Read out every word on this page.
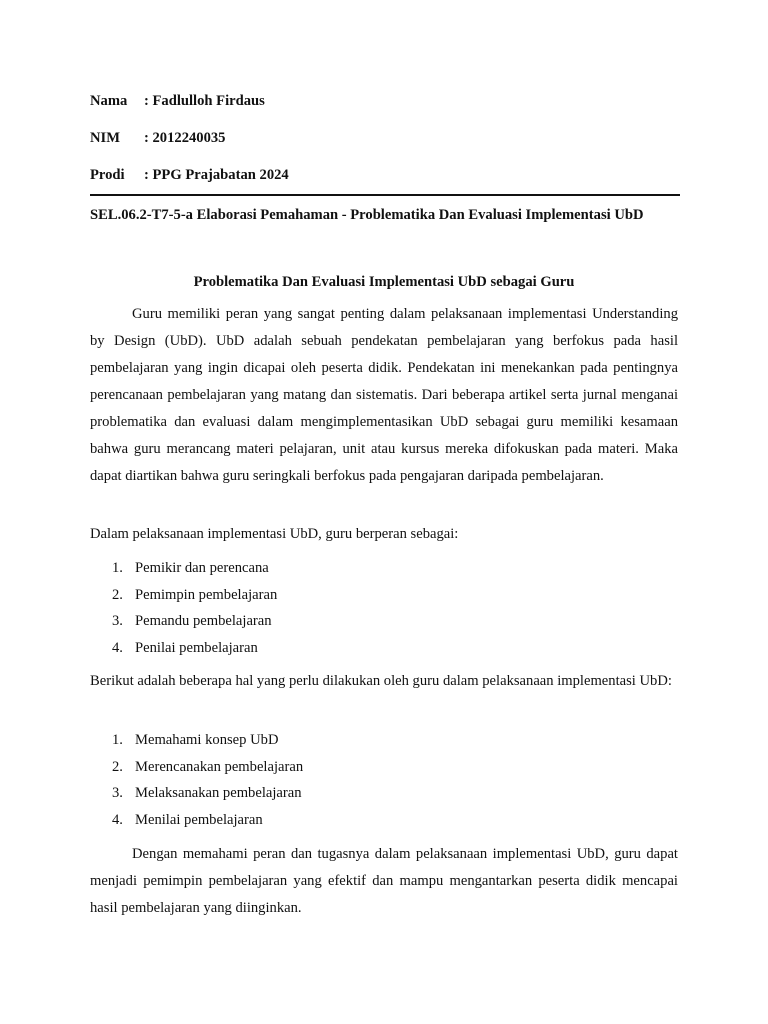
Nama : Fadlulloh Firdaus
NIM : 2012240035
Prodi : PPG Prajabatan 2024
SEL.06.2-T7-5-a Elaborasi Pemahaman - Problematika Dan Evaluasi Implementasi UbD
Problematika Dan Evaluasi Implementasi UbD sebagai Guru

Guru memiliki peran yang sangat penting dalam pelaksanaan implementasi Understanding by Design (UbD). UbD adalah sebuah pendekatan pembelajaran yang berfokus pada hasil pembelajaran yang ingin dicapai oleh peserta didik. Pendekatan ini menekankan pada pentingnya perencanaan pembelajaran yang matang dan sistematis. Dari beberapa artikel serta jurnal menganai problematika dan evaluasi dalam mengimplementasikan UbD sebagai guru memiliki kesamaan bahwa guru merancang materi pelajaran, unit atau kursus mereka difokuskan pada materi. Maka dapat diartikan bahwa guru seringkali berfokus pada pengajaran daripada pembelajaran.

Dalam pelaksanaan implementasi UbD, guru berperan sebagai:

1. Pemikir dan perencana
2. Pemimpin pembelajaran
3. Pemandu pembelajaran
4. Penilai pembelajaran

Berikut adalah beberapa hal yang perlu dilakukan oleh guru dalam pelaksanaan implementasi UbD:

1. Memahami konsep UbD
2. Merencanakan pembelajaran
3. Melaksanakan pembelajaran
4. Menilai pembelajaran

Dengan memahami peran dan tugasnya dalam pelaksanaan implementasi UbD, guru dapat menjadi pemimpin pembelajaran yang efektif dan mampu mengantarkan peserta didik mencapai hasil pembelajaran yang diinginkan.
